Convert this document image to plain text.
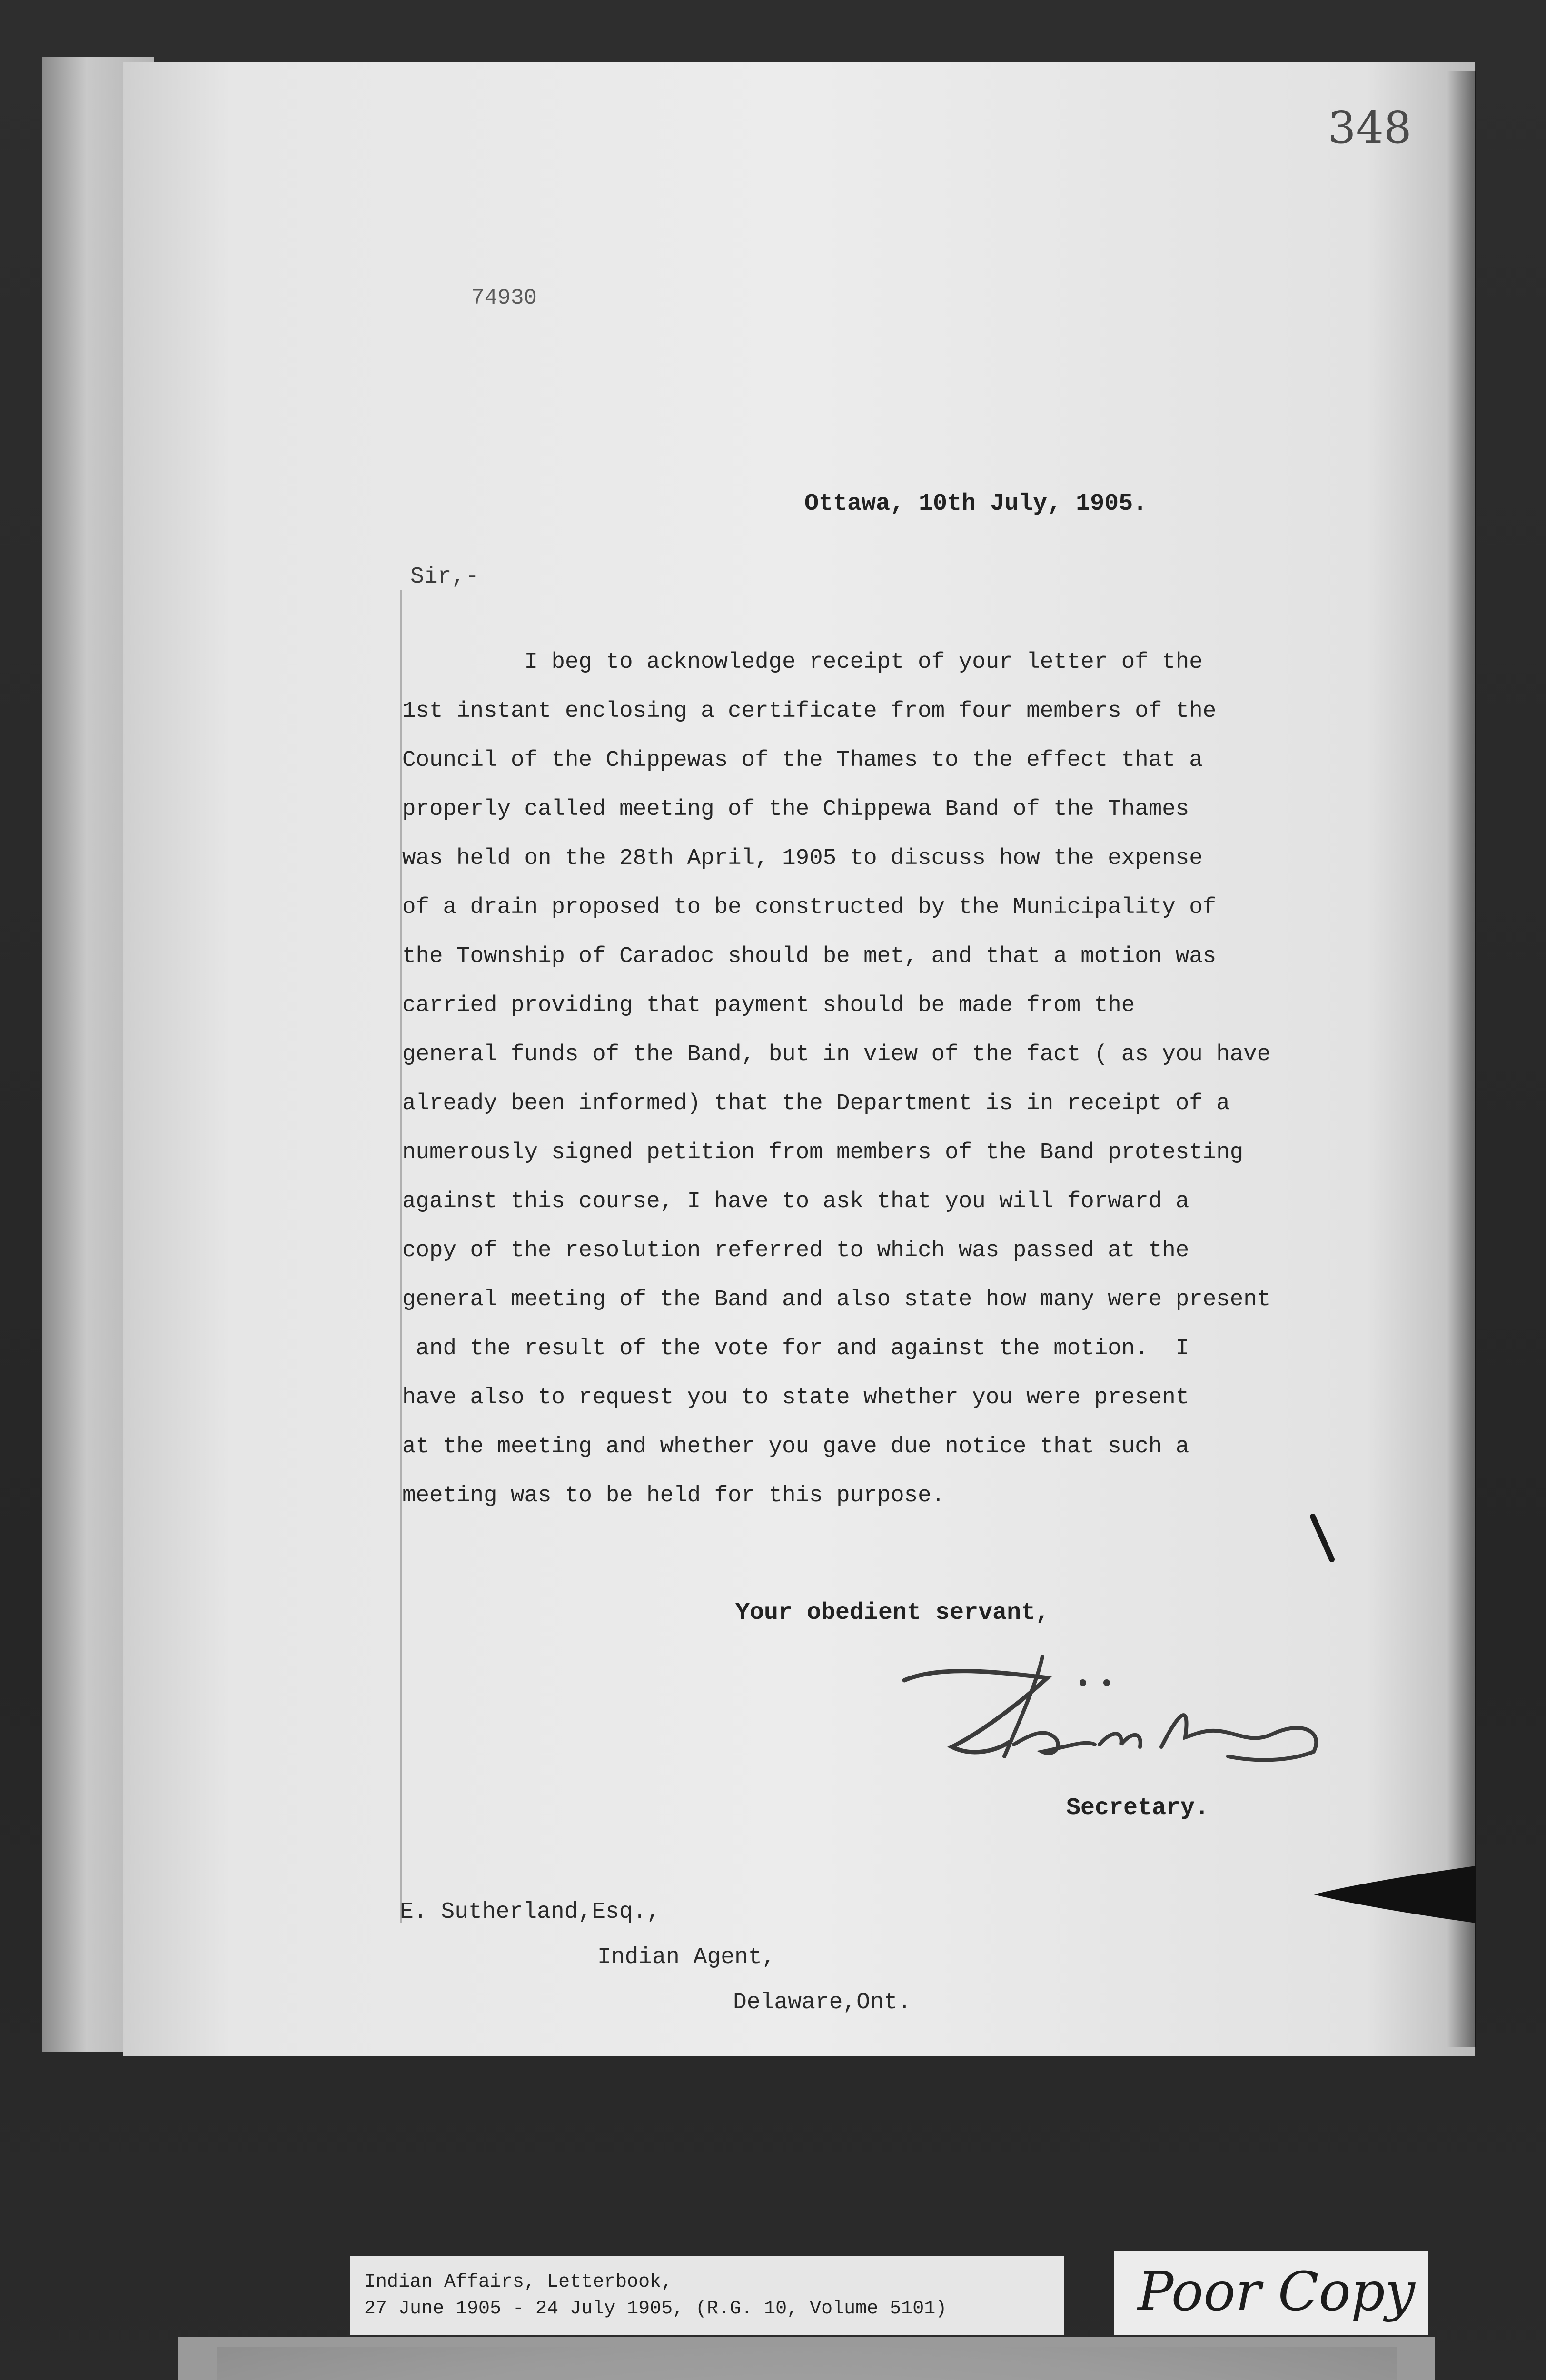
348
74930
Ottawa, 10th July, 1905.
Sir,-
I beg to acknowledge receipt of your letter of the
1st instant enclosing a certificate from four members of the
Council of the Chippewas of the Thames to the effect that a
properly called meeting of the Chippewa Band of the Thames
was held on the 28th April, 1905 to discuss how the expense
of a drain proposed to be constructed by the Municipality of
the Township of Caradoc should be met, and that a motion was
carried providing that payment should be made from the
general funds of the Band, but in view of the fact ( as you have
already been informed) that the Department is in receipt of a
numerously signed petition from members of the Band protesting
against this course, I have to ask that you will forward a
copy of the resolution referred to which was passed at the
general meeting of the Band and also state how many were present
and the result of the vote for and against the motion.  I
have also to request you to state whether you were present
at the meeting and whether you gave due notice that such a
meeting was to be held for this purpose.
Your obedient servant,
Secretary.
E. Sutherland,Esq.,
Indian Agent,
Delaware,Ont.
Indian Affairs, Letterbook,
27 June 1905 - 24 July 1905, (R.G. 10, Volume 5101)	Poor Copy
